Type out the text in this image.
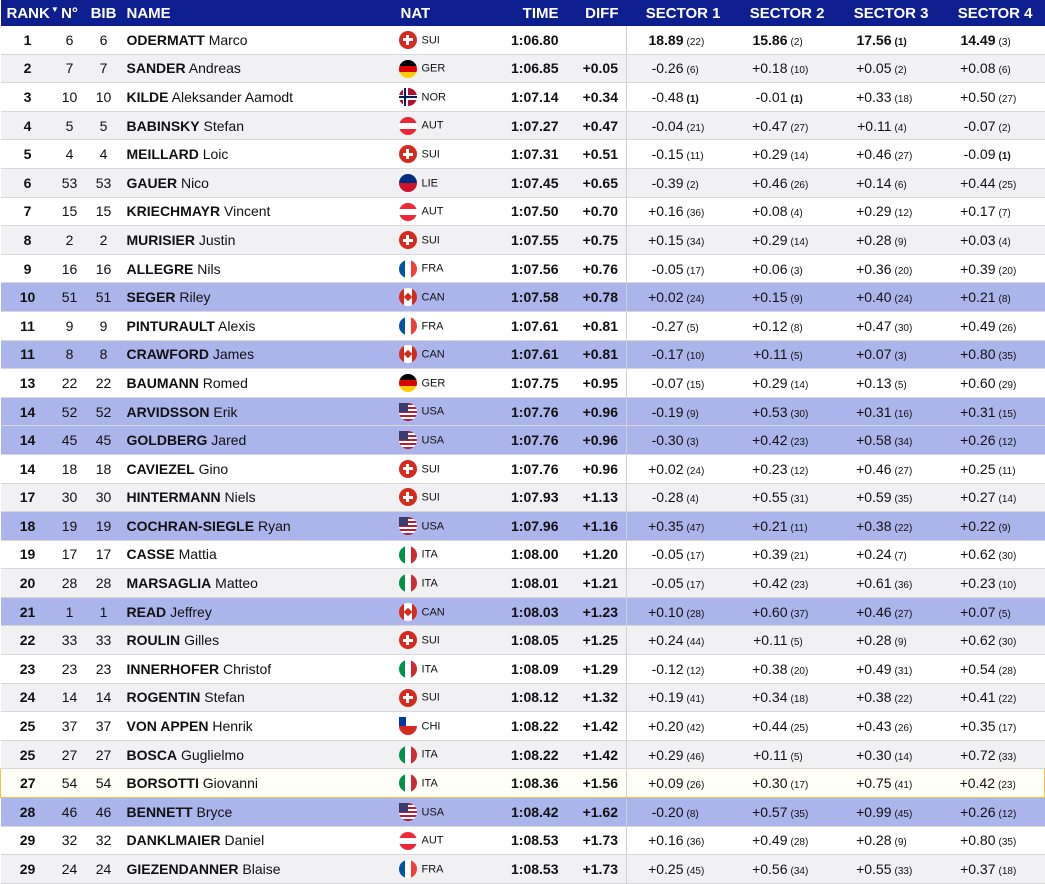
RANK▼	N°	BIB	NAME	NAT	TIME	DIFF	SECTOR 1	SECTOR 2	SECTOR 3	SECTOR 4
1	6	6	ODERMATT Marco	SUI	1:06.80		18.89 (22)	15.86 (2)	17.56 (1)	14.49 (3)
2	7	7	SANDER Andreas	GER	1:06.85	+0.05	-0.26 (6)	+0.18 (10)	+0.05 (2)	+0.08 (6)
3	10	10	KILDE Aleksander Aamodt	NOR	1:07.14	+0.34	-0.48 (1)	-0.01 (1)	+0.33 (18)	+0.50 (27)
4	5	5	BABINSKY Stefan	AUT	1:07.27	+0.47	-0.04 (21)	+0.47 (27)	+0.11 (4)	-0.07 (2)
5	4	4	MEILLARD Loic	SUI	1:07.31	+0.51	-0.15 (11)	+0.29 (14)	+0.46 (27)	-0.09 (1)
6	53	53	GAUER Nico	LIE	1:07.45	+0.65	-0.39 (2)	+0.46 (26)	+0.14 (6)	+0.44 (25)
7	15	15	KRIECHMAYR Vincent	AUT	1:07.50	+0.70	+0.16 (36)	+0.08 (4)	+0.29 (12)	+0.17 (7)
8	2	2	MURISIER Justin	SUI	1:07.55	+0.75	+0.15 (34)	+0.29 (14)	+0.28 (9)	+0.03 (4)
9	16	16	ALLEGRE Nils	FRA	1:07.56	+0.76	-0.05 (17)	+0.06 (3)	+0.36 (20)	+0.39 (20)
10	51	51	SEGER Riley	CAN	1:07.58	+0.78	+0.02 (24)	+0.15 (9)	+0.40 (24)	+0.21 (8)
11	9	9	PINTURAULT Alexis	FRA	1:07.61	+0.81	-0.27 (5)	+0.12 (8)	+0.47 (30)	+0.49 (26)
11	8	8	CRAWFORD James	CAN	1:07.61	+0.81	-0.17 (10)	+0.11 (5)	+0.07 (3)	+0.80 (35)
13	22	22	BAUMANN Romed	GER	1:07.75	+0.95	-0.07 (15)	+0.29 (14)	+0.13 (5)	+0.60 (29)
14	52	52	ARVIDSSON Erik	USA	1:07.76	+0.96	-0.19 (9)	+0.53 (30)	+0.31 (16)	+0.31 (15)
14	45	45	GOLDBERG Jared	USA	1:07.76	+0.96	-0.30 (3)	+0.42 (23)	+0.58 (34)	+0.26 (12)
14	18	18	CAVIEZEL Gino	SUI	1:07.76	+0.96	+0.02 (24)	+0.23 (12)	+0.46 (27)	+0.25 (11)
17	30	30	HINTERMANN Niels	SUI	1:07.93	+1.13	-0.28 (4)	+0.55 (31)	+0.59 (35)	+0.27 (14)
18	19	19	COCHRAN-SIEGLE Ryan	USA	1:07.96	+1.16	+0.35 (47)	+0.21 (11)	+0.38 (22)	+0.22 (9)
19	17	17	CASSE Mattia	ITA	1:08.00	+1.20	-0.05 (17)	+0.39 (21)	+0.24 (7)	+0.62 (30)
20	28	28	MARSAGLIA Matteo	ITA	1:08.01	+1.21	-0.05 (17)	+0.42 (23)	+0.61 (36)	+0.23 (10)
21	1	1	READ Jeffrey	CAN	1:08.03	+1.23	+0.10 (28)	+0.60 (37)	+0.46 (27)	+0.07 (5)
22	33	33	ROULIN Gilles	SUI	1:08.05	+1.25	+0.24 (44)	+0.11 (5)	+0.28 (9)	+0.62 (30)
23	23	23	INNERHOFER Christof	ITA	1:08.09	+1.29	-0.12 (12)	+0.38 (20)	+0.49 (31)	+0.54 (28)
24	14	14	ROGENTIN Stefan	SUI	1:08.12	+1.32	+0.19 (41)	+0.34 (18)	+0.38 (22)	+0.41 (22)
25	37	37	VON APPEN Henrik	CHI	1:08.22	+1.42	+0.20 (42)	+0.44 (25)	+0.43 (26)	+0.35 (17)
25	27	27	BOSCA Guglielmo	ITA	1:08.22	+1.42	+0.29 (46)	+0.11 (5)	+0.30 (14)	+0.72 (33)
27	54	54	BORSOTTI Giovanni	ITA	1:08.36	+1.56	+0.09 (26)	+0.30 (17)	+0.75 (41)	+0.42 (23)
28	46	46	BENNETT Bryce	USA	1:08.42	+1.62	-0.20 (8)	+0.57 (35)	+0.99 (45)	+0.26 (12)
29	32	32	DANKLMAIER Daniel	AUT	1:08.53	+1.73	+0.16 (36)	+0.49 (28)	+0.28 (9)	+0.80 (35)
29	24	24	GIEZENDANNER Blaise	FRA	1:08.53	+1.73	+0.25 (45)	+0.56 (34)	+0.55 (33)	+0.37 (18)
